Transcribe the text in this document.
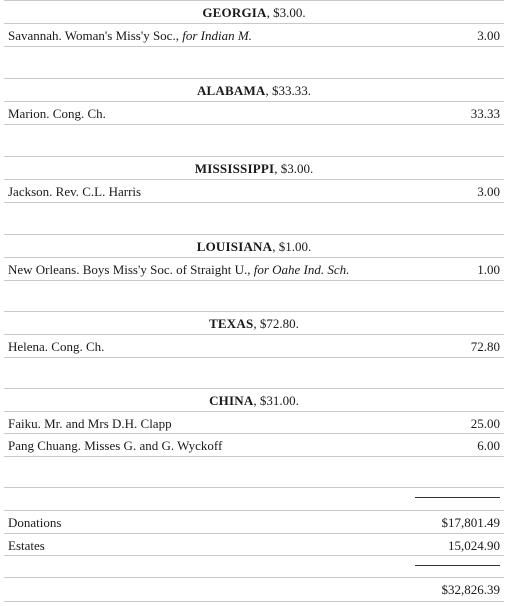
GEORGIA, $3.00.
Savannah. Woman's Miss'y Soc., for Indian M.	3.00
ALABAMA, $33.33.
Marion. Cong. Ch.	33.33
MISSISSIPPI, $3.00.
Jackson. Rev. C.L. Harris	3.00
LOUISIANA, $1.00.
New Orleans. Boys Miss'y Soc. of Straight U., for Oahe Ind. Sch.	1.00
TEXAS, $72.80.
Helena. Cong. Ch.	72.80
CHINA, $31.00.
Faiku. Mr. and Mrs D.H. Clapp	25.00
Pang Chuang. Misses G. and G. Wyckoff	6.00
Donations	$17,801.49
Estates	15,024.90
$32,826.39
